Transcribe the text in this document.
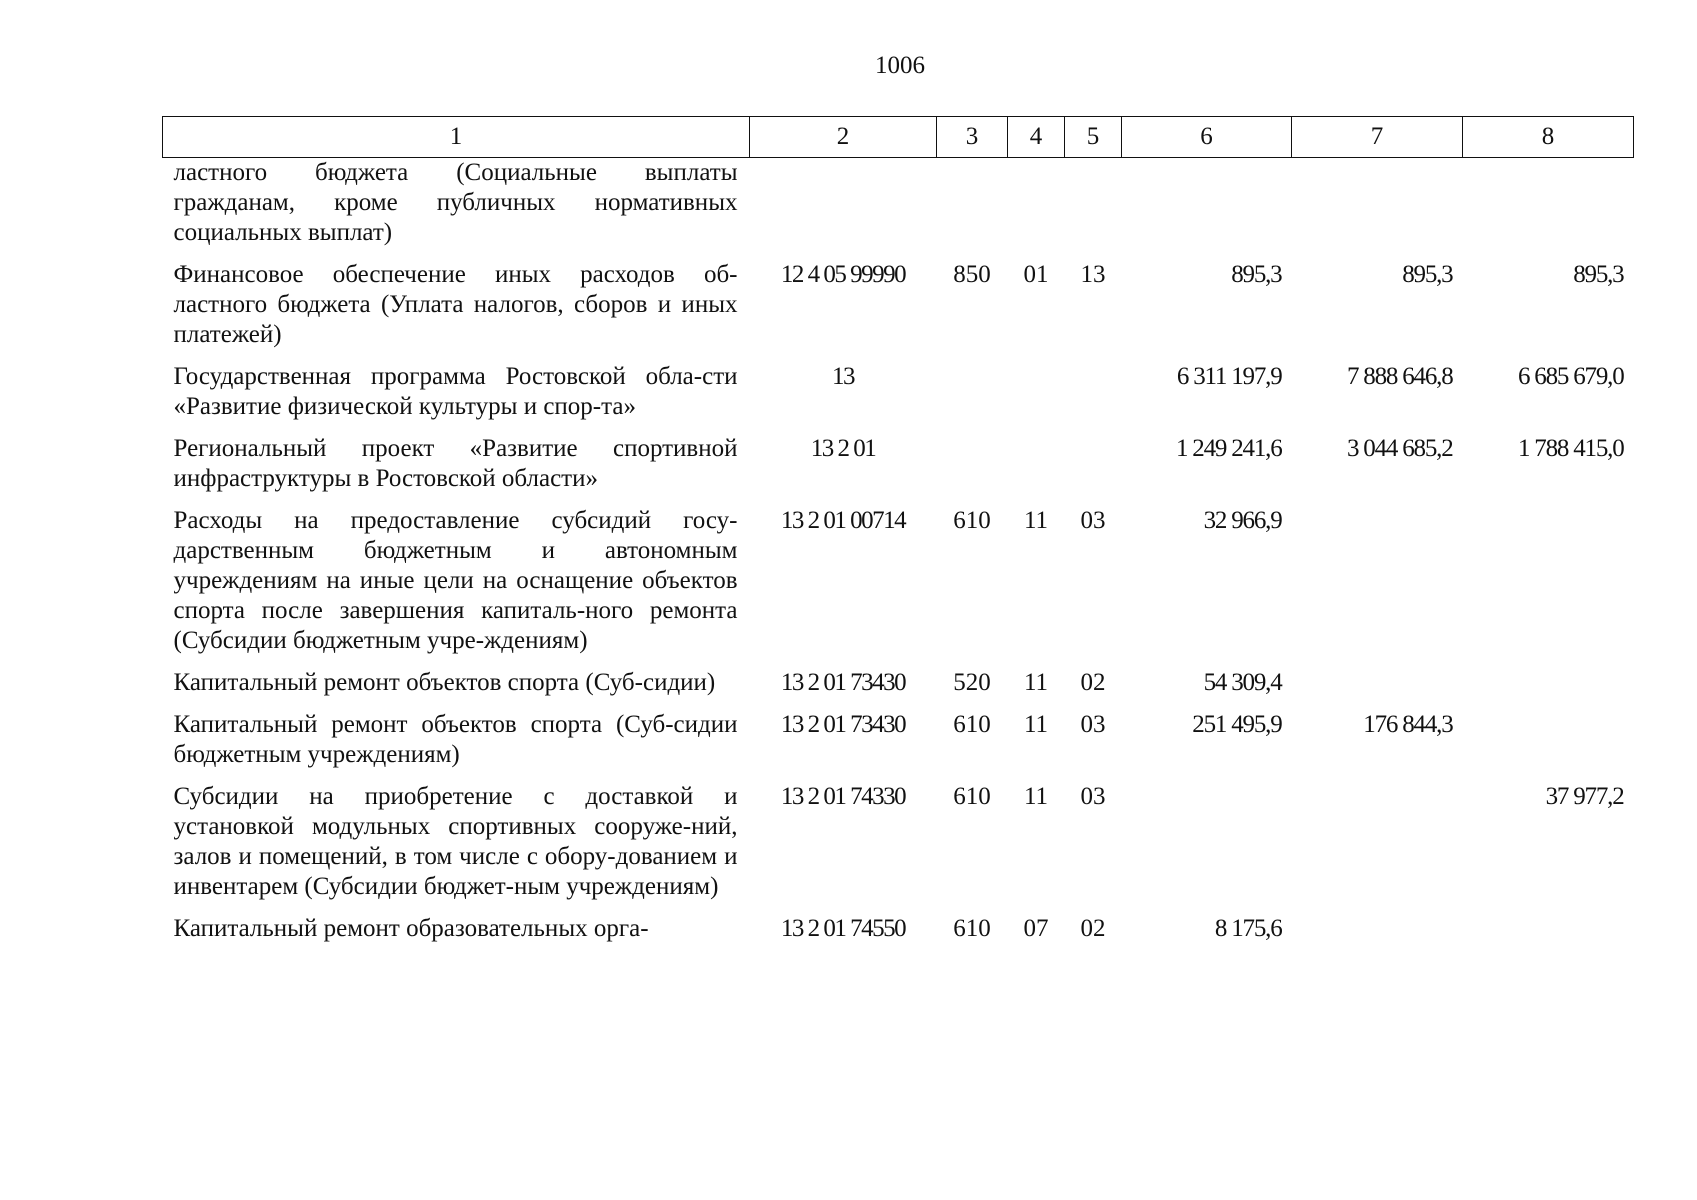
1006
1	2	3	4	5	6	7	8
ластного бюджета (Социальные выплаты гражданам, кроме публичных нормативных социальных выплат)							
Финансовое обеспечение иных расходов об-ластного бюджета (Уплата налогов, сборов и иных платежей)	12 4 05 99990	850	01	13	895,3	895,3	895,3
Государственная программа Ростовской обла-сти «Развитие физической культуры и спор-та»	13				6 311 197,9	7 888 646,8	6 685 679,0
Региональный проект «Развитие спортивной инфраструктуры в Ростовской области»	13 2 01				1 249 241,6	3 044 685,2	1 788 415,0
Расходы на предоставление субсидий госу-дарственным бюджетным и автономным учреждениям на иные цели на оснащение объектов спорта после завершения капиталь-ного ремонта (Субсидии бюджетным учре-ждениям)	13 2 01 00714	610	11	03	32 966,9		
Капитальный ремонт объектов спорта (Суб-сидии)	13 2 01 73430	520	11	02	54 309,4		
Капитальный ремонт объектов спорта (Суб-сидии бюджетным учреждениям)	13 2 01 73430	610	11	03	251 495,9	176 844,3	
Субсидии на приобретение с доставкой и установкой модульных спортивных сооруже-ний, залов и помещений, в том числе с обору-дованием и инвентарем (Субсидии бюджет-ным учреждениям)	13 2 01 74330	610	11	03			37 977,2
Капитальный ремонт образовательных орга-	13 2 01 74550	610	07	02	8 175,6		
